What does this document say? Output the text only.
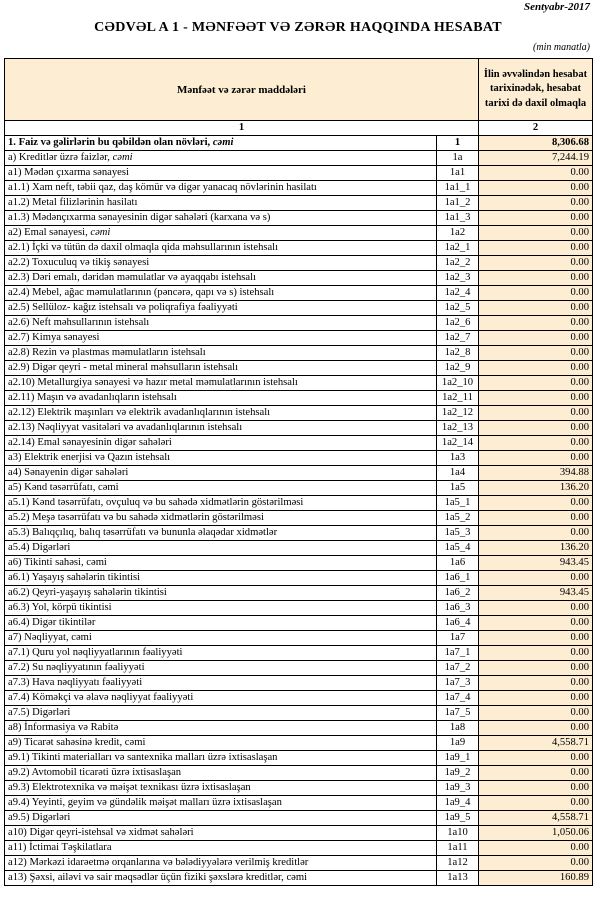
Sentyabr-2017
CƏDVƏL A 1 - MƏNFƏƏT VƏ ZƏRƏR HAQQINDA HESABAT
(min manatla)
Mənfəət və zərər maddələri		İlin əvvəlindən hesabat tarixinədək, hesabat tarixi də daxil olmaqla
1		2
1. Faiz və gəlirlərin bu qəbildən olan növləri, cəmi	1	8,306.68
a) Kreditlər üzrə faizlər, cəmi	1a	7,244.19
a1) Mədən çıxarma sənayesi	1a1	0.00
a1.1) Xam neft, təbii qaz, daş kömür və digər yanacaq növlərinin hasilatı	1a1_1	0.00
a1.2) Metal filizlərinin hasilatı	1a1_2	0.00
a1.3) Mədənçıxarma sənayesinin digər sahələri (karxana və s)	1a1_3	0.00
a2) Emal sənayesi, cəmi	1a2	0.00
a2.1) İçki və tütün də daxil olmaqla qida məhsullarının istehsalı	1a2_1	0.00
a2.2) Toxuculuq və tikiş sənayesi	1a2_2	0.00
a2.3) Dəri emalı, dəridən məmulatlar və ayaqqabı istehsalı	1a2_3	0.00
a2.4) Mebel, ağac məmulatlarının (pəncərə, qapı və s) istehsalı	1a2_4	0.00
a2.5) Sellüloz- kağız istehsalı və poliqrafiya fəaliyyəti	1a2_5	0.00
a2.6) Neft məhsullarının istehsalı	1a2_6	0.00
a2.7) Kimya sənayesi	1a2_7	0.00
a2.8) Rezin və plastmas məmulatların istehsalı	1a2_8	0.00
a2.9) Digər qeyri - metal mineral məhsulların istehsalı	1a2_9	0.00
a2.10) Metallurgiya sənayesi və hazır metal məmulatlarının istehsalı	1a2_10	0.00
a2.11) Maşın və avadanlıqların istehsalı	1a2_11	0.00
a2.12) Elektrik maşınları və elektrik avadanlıqlarının istehsalı	1a2_12	0.00
a2.13) Nəqliyyat vasitələri və avadanlıqlarının istehsalı	1a2_13	0.00
a2.14) Emal sənayesinin digər sahələri	1a2_14	0.00
a3) Elektrik enerjisi və Qazın istehsalı	1a3	0.00
a4) Sənayenin digər sahələri	1a4	394.88
a5) Kənd təsərrüfatı, cəmi	1a5	136.20
a5.1) Kənd təsərrüfatı, ovçuluq və bu sahədə xidmətlərin göstərilməsi	1a5_1	0.00
a5.2) Meşə təsərrüfatı və bu sahədə xidmətlərin göstərilməsi	1a5_2	0.00
a5.3) Balıqçılıq, balıq təsərrüfatı və bununla əlaqədar xidmətlər	1a5_3	0.00
a5.4) Digərləri	1a5_4	136.20
a6) Tikinti sahəsi, cəmi	1a6	943.45
a6.1) Yaşayış sahələrin tikintisi	1a6_1	0.00
a6.2) Qeyri-yaşayış sahələrin tikintisi	1a6_2	943.45
a6.3) Yol, körpü tikintisi	1a6_3	0.00
a6.4) Digər tikintilər	1a6_4	0.00
a7) Nəqliyyat, cəmi	1a7	0.00
a7.1) Quru yol nəqliyyatlarının fəaliyyəti	1a7_1	0.00
a7.2) Su nəqliyyatının fəaliyyəti	1a7_2	0.00
a7.3) Hava nəqliyyatı fəaliyyəti	1a7_3	0.00
a7.4) Köməkçi və əlavə nəqliyyat fəaliyyəti	1a7_4	0.00
a7.5) Digərləri	1a7_5	0.00
a8) İnformasiya və Rabitə	1a8	0.00
a9) Ticarət sahəsinə kredit, cəmi	1a9	4,558.71
a9.1) Tikinti materialları və santexnika malları üzrə ixtisaslaşan	1a9_1	0.00
a9.2) Avtomobil ticarəti üzrə ixtisaslaşan	1a9_2	0.00
a9.3) Elektrotexnika və məişət texnikası üzrə ixtisaslaşan	1a9_3	0.00
a9.4) Yeyinti, geyim və gündəlik məişət malları üzrə ixtisaslaşan	1a9_4	0.00
a9.5) Digərləri	1a9_5	4,558.71
a10) Digər qeyri-istehsal və xidmət sahələri	1a10	1,050.06
a11) İctimai Təşkilatlara	1a11	0.00
a12) Mərkəzi idarəetmə orqanlarına və bələdiyyələrə verilmiş kreditlər	1a12	0.00
a13) Şəxsi, ailəvi və sair məqsədlər üçün fiziki şəxslərə kreditlər, cəmi	1a13	160.89
